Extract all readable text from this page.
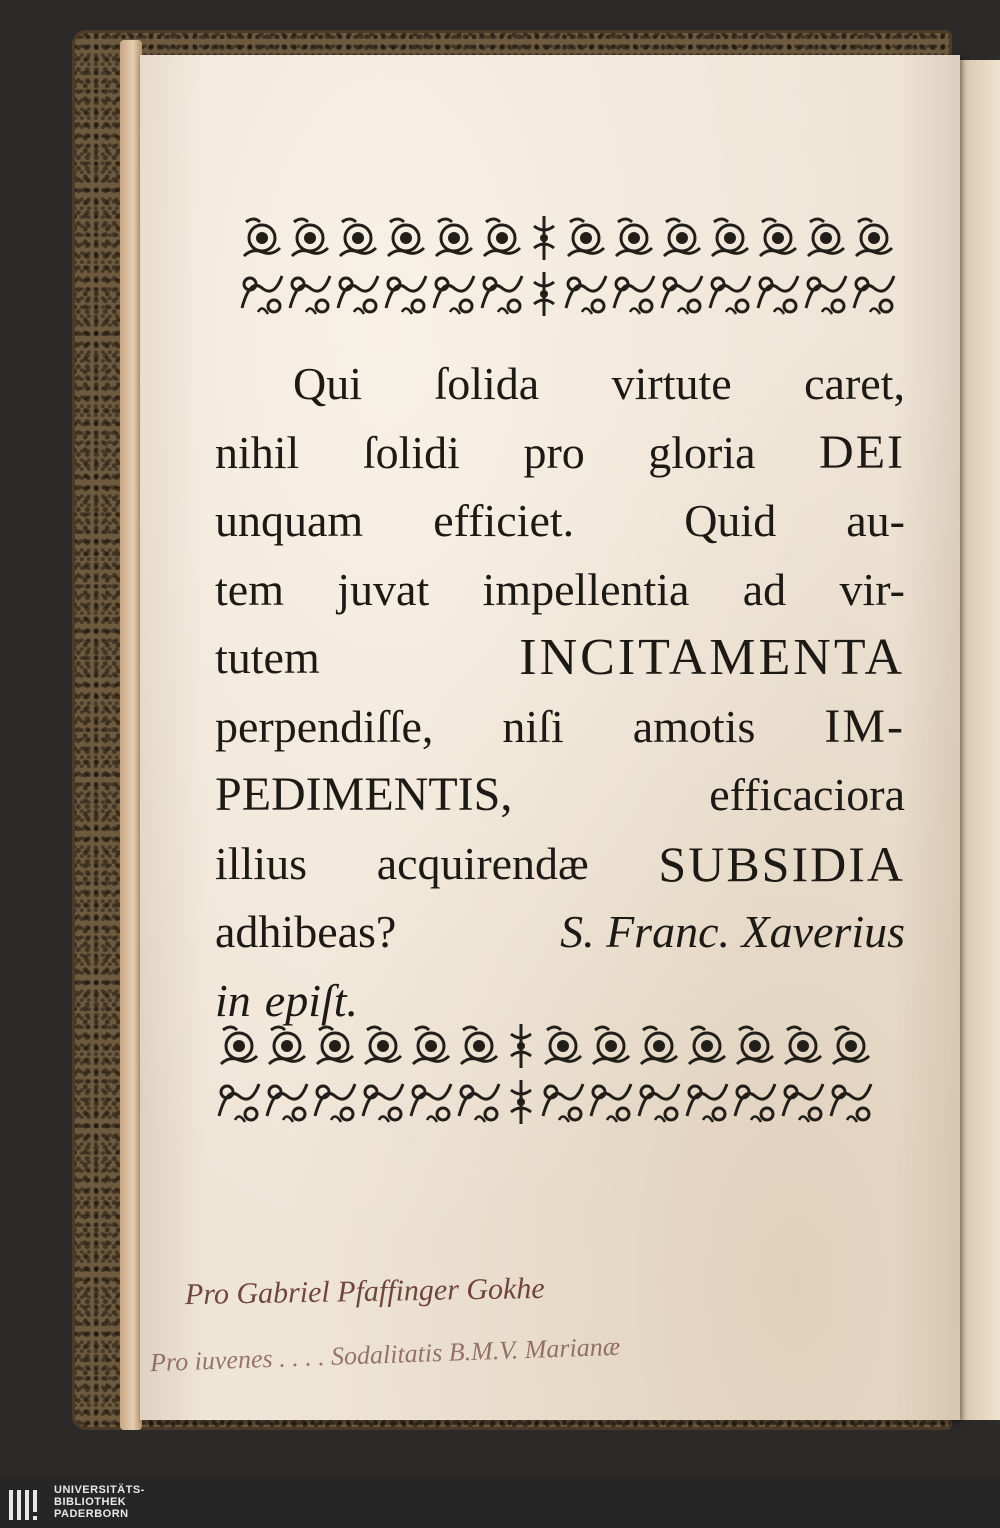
Qui ſolida virtute caret,
nihil ſolidi pro gloria DEI
unquam efficiet. Quid au-
tem juvat impellentia ad vir-
tutem	INCITAMENTA
perpendiſſe, niſi amotis IM-
PEDIMENTIS,	efficaciora
illius acquirendæ SUBSIDIA
adhibeas?	S. Franc. Xaverius
in epiſt.
Pro Gabriel Pfaffinger Gokhe
Pro iuvenes . . . . Sodalitatis B.M.V. Marianæ
UNIVERSITÄTS-
BIBLIOTHEK
PADERBORN
